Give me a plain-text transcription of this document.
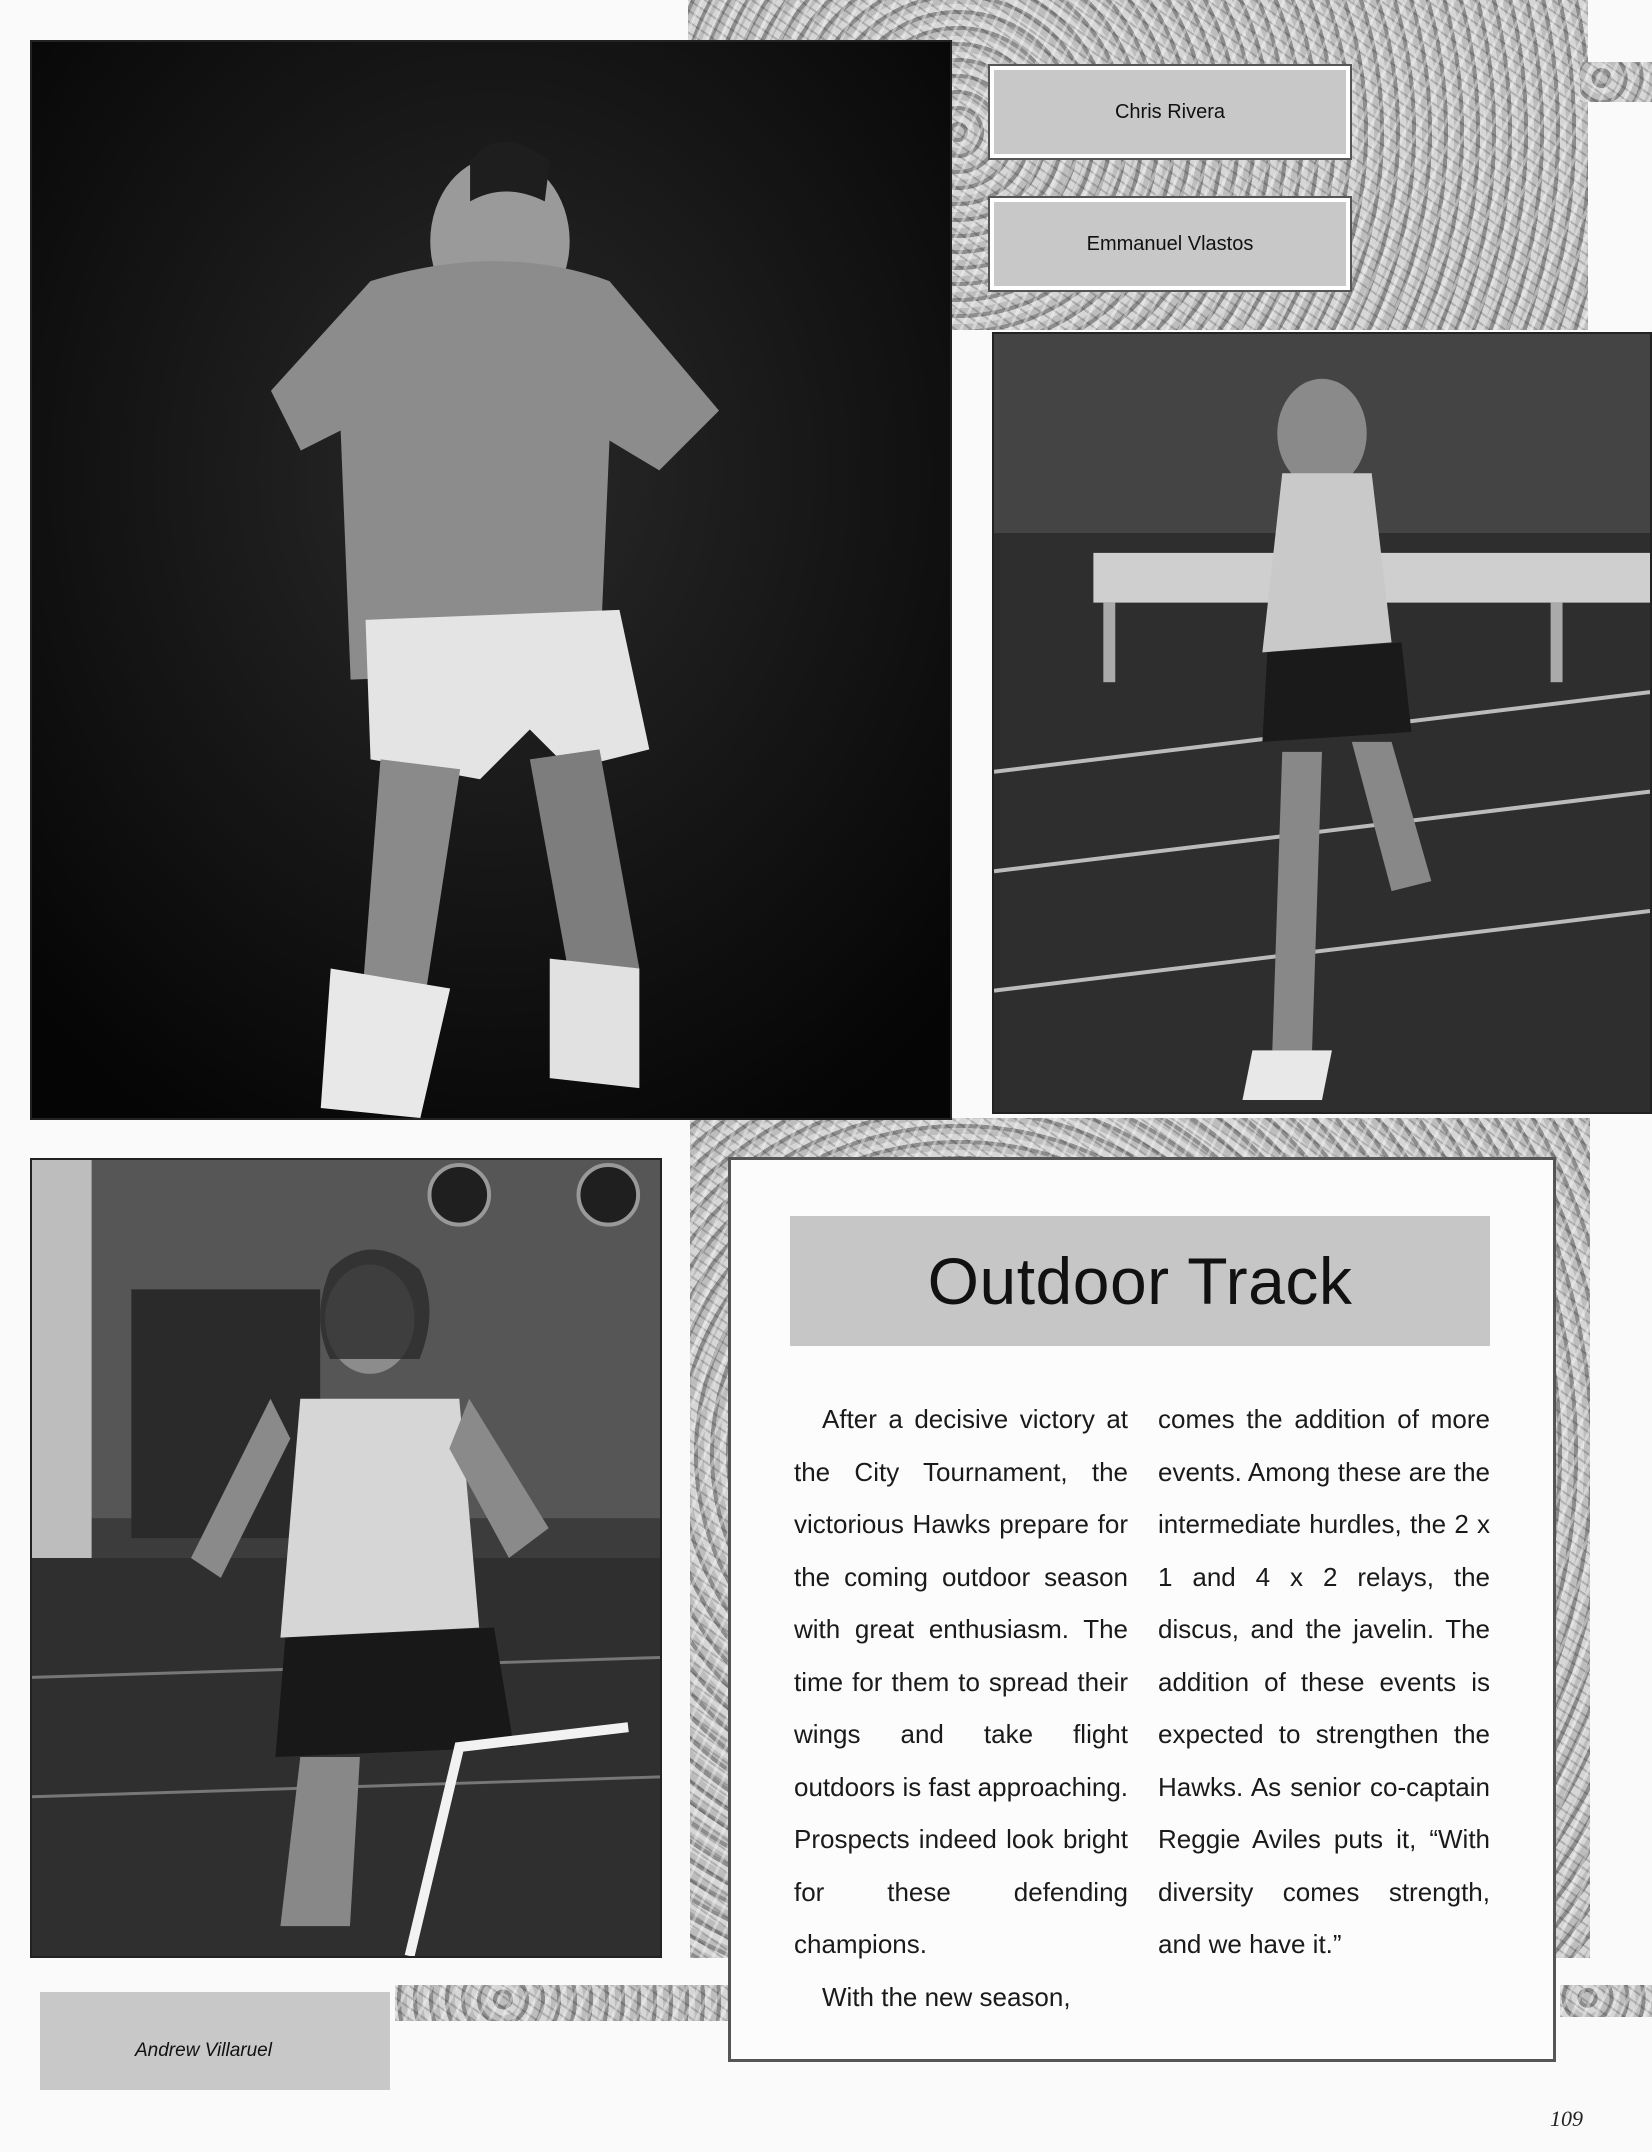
Chris Rivera
Emmanuel Vlastos
Andrew Villaruel
Outdoor Track

After a decisive victory at the City Tournament, the victorious Hawks prepare for the coming outdoor season with great enthusiasm. The time for them to spread their wings and take flight outdoors is fast approaching. Prospects indeed look bright for these defending champions.

With the new season,

comes the addition of more events. Among these are the intermediate hurdles, the 2 x 1 and 4 x 2 relays, the discus, and the javelin. The addition of these events is expected to strengthen the Hawks. As senior co-captain Reggie Aviles puts it, “With diversity comes strength, and we have it.”

109
